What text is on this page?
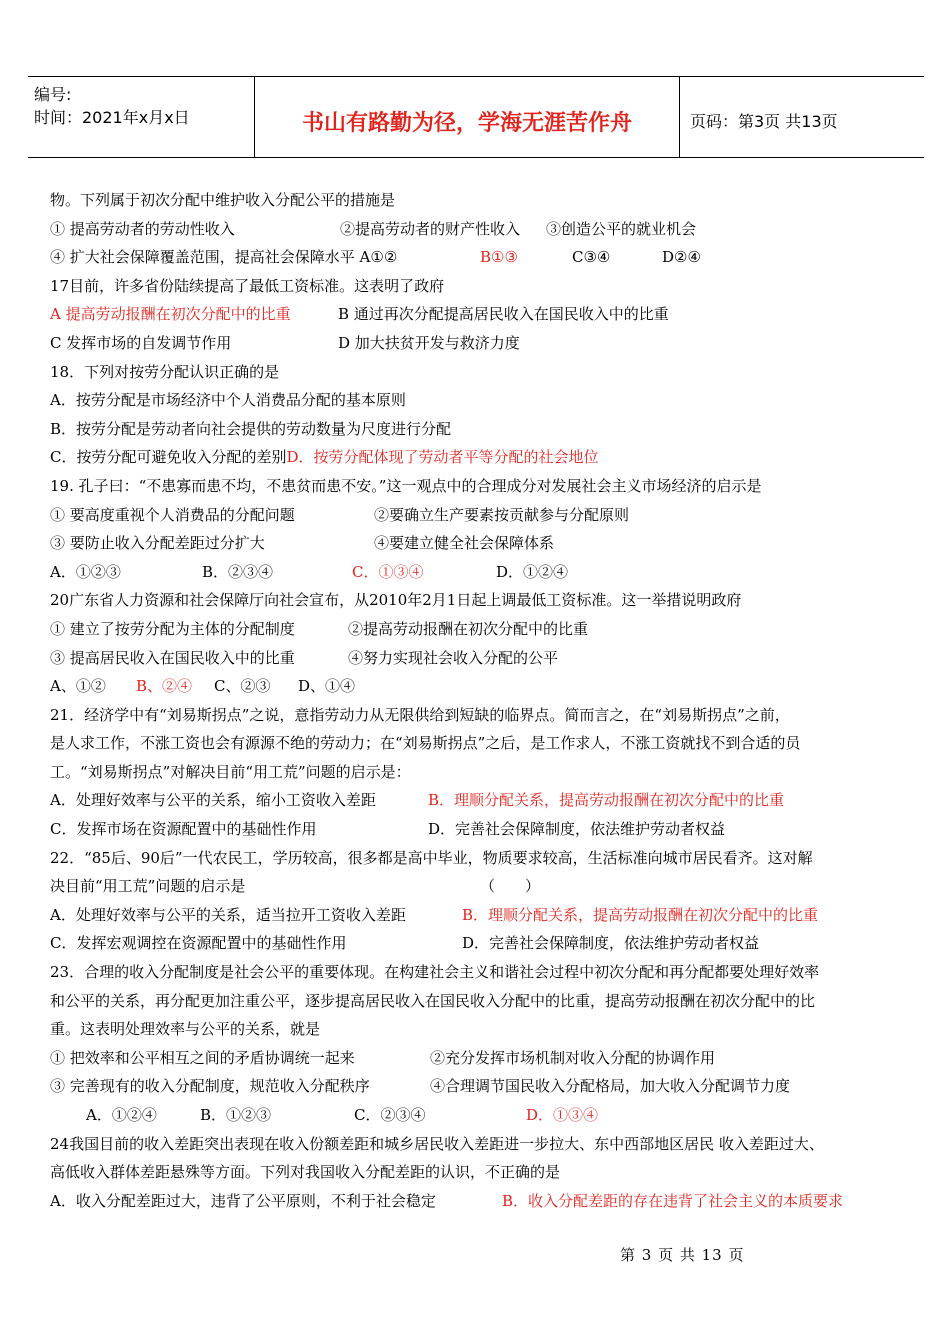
编号:
时间：2021年x月x日	书山有路勤为径，学海无涯苦作舟	页码：第3页 共13页
物。下列属于初次分配中维护收入分配公平的措施是
① 提高劳动者的劳动性收入	②提高劳动者的财产性收入 ③创造公平的就业机会
④ 扩大社会保障覆盖范围，提高社会保障水平 A①②	B①③	C③④	D②④
17目前，许多省份陆续提高了最低工资标准。这表明了政府
A 提高劳动报酬在初次分配中的比重	B 通过再次分配提高居民收入在国民收入中的比重
C 发挥市场的自发调节作用	D 加大扶贫开发与救济力度
18．下列对按劳分配认识正确的是
A．按劳分配是市场经济中个人消费品分配的基本原则
B．按劳分配是劳动者向社会提供的劳动数量为尺度进行分配
C．按劳分配可避免收入分配的差别D．按劳分配体现了劳动者平等分配的社会地位
19. 孔子曰：“不患寡而患不均，不患贫而患不安。”这一观点中的合理成分对发展社会主义市场经济的启示是
① 要高度重视个人消费品的分配问题	②要确立生产要素按贡献参与分配原则
③ 要防止收入分配差距过分扩大	④要建立健全社会保障体系
A．①②③	B．②③④	C．①③④	D．①②④
20广东省人力资源和社会保障厅向社会宣布，从2010年2月1日起上调最低工资标准。这一举措说明政府
① 建立了按劳分配为主体的分配制度	②提高劳动报酬在初次分配中的比重
③ 提高居民收入在国民收入中的比重	④努力实现社会收入分配的公平
A、①② B、②④ C、②③ D、①④
21．经济学中有“刘易斯拐点”之说，意指劳动力从无限供给到短缺的临界点。简而言之，在“刘易斯拐点”之前，
是人求工作，不涨工资也会有源源不绝的劳动力；在“刘易斯拐点”之后，是工作求人，不涨工资就找不到合适的员
工。“刘易斯拐点”对解决目前“用工荒”问题的启示是：
A．处理好效率与公平的关系，缩小工资收入差距	B．理顺分配关系，提高劳动报酬在初次分配中的比重
C．发挥市场在资源配置中的基础性作用	D．完善社会保障制度，依法维护劳动者权益
22．“85后、90后”一代农民工，学历较高，很多都是高中毕业，物质要求较高，生活标准向城市居民看齐。这对解
决目前“用工荒”问题的启示是	（　　）
A．处理好效率与公平的关系，适当拉开工资收入差距	B．理顺分配关系，提高劳动报酬在初次分配中的比重
C．发挥宏观调控在资源配置中的基础性作用	D．完善社会保障制度，依法维护劳动者权益
23．合理的收入分配制度是社会公平的重要体现。在构建社会主义和谐社会过程中初次分配和再分配都要处理好效率
和公平的关系，再分配更加注重公平，逐步提高居民收入在国民收入分配中的比重，提高劳动报酬在初次分配中的比
重。这表明处理效率与公平的关系，就是
① 把效率和公平相互之间的矛盾协调统一起来	②充分发挥市场机制对收入分配的协调作用
③ 完善现有的收入分配制度，规范收入分配秩序	④合理调节国民收入分配格局，加大收入分配调节力度
A．①②④	B．①②③	C．②③④	D．①③④
24我国目前的收入差距突出表现在收入份额差距和城乡居民收入差距进一步拉大、东中西部地区居民 收入差距过大、
高低收入群体差距悬殊等方面。下列对我国收入分配差距的认识，不正确的是
A．收入分配差距过大，违背了公平原则，不利于社会稳定	B．收入分配差距的存在违背了社会主义的本质要求
第 3 页 共 13 页
